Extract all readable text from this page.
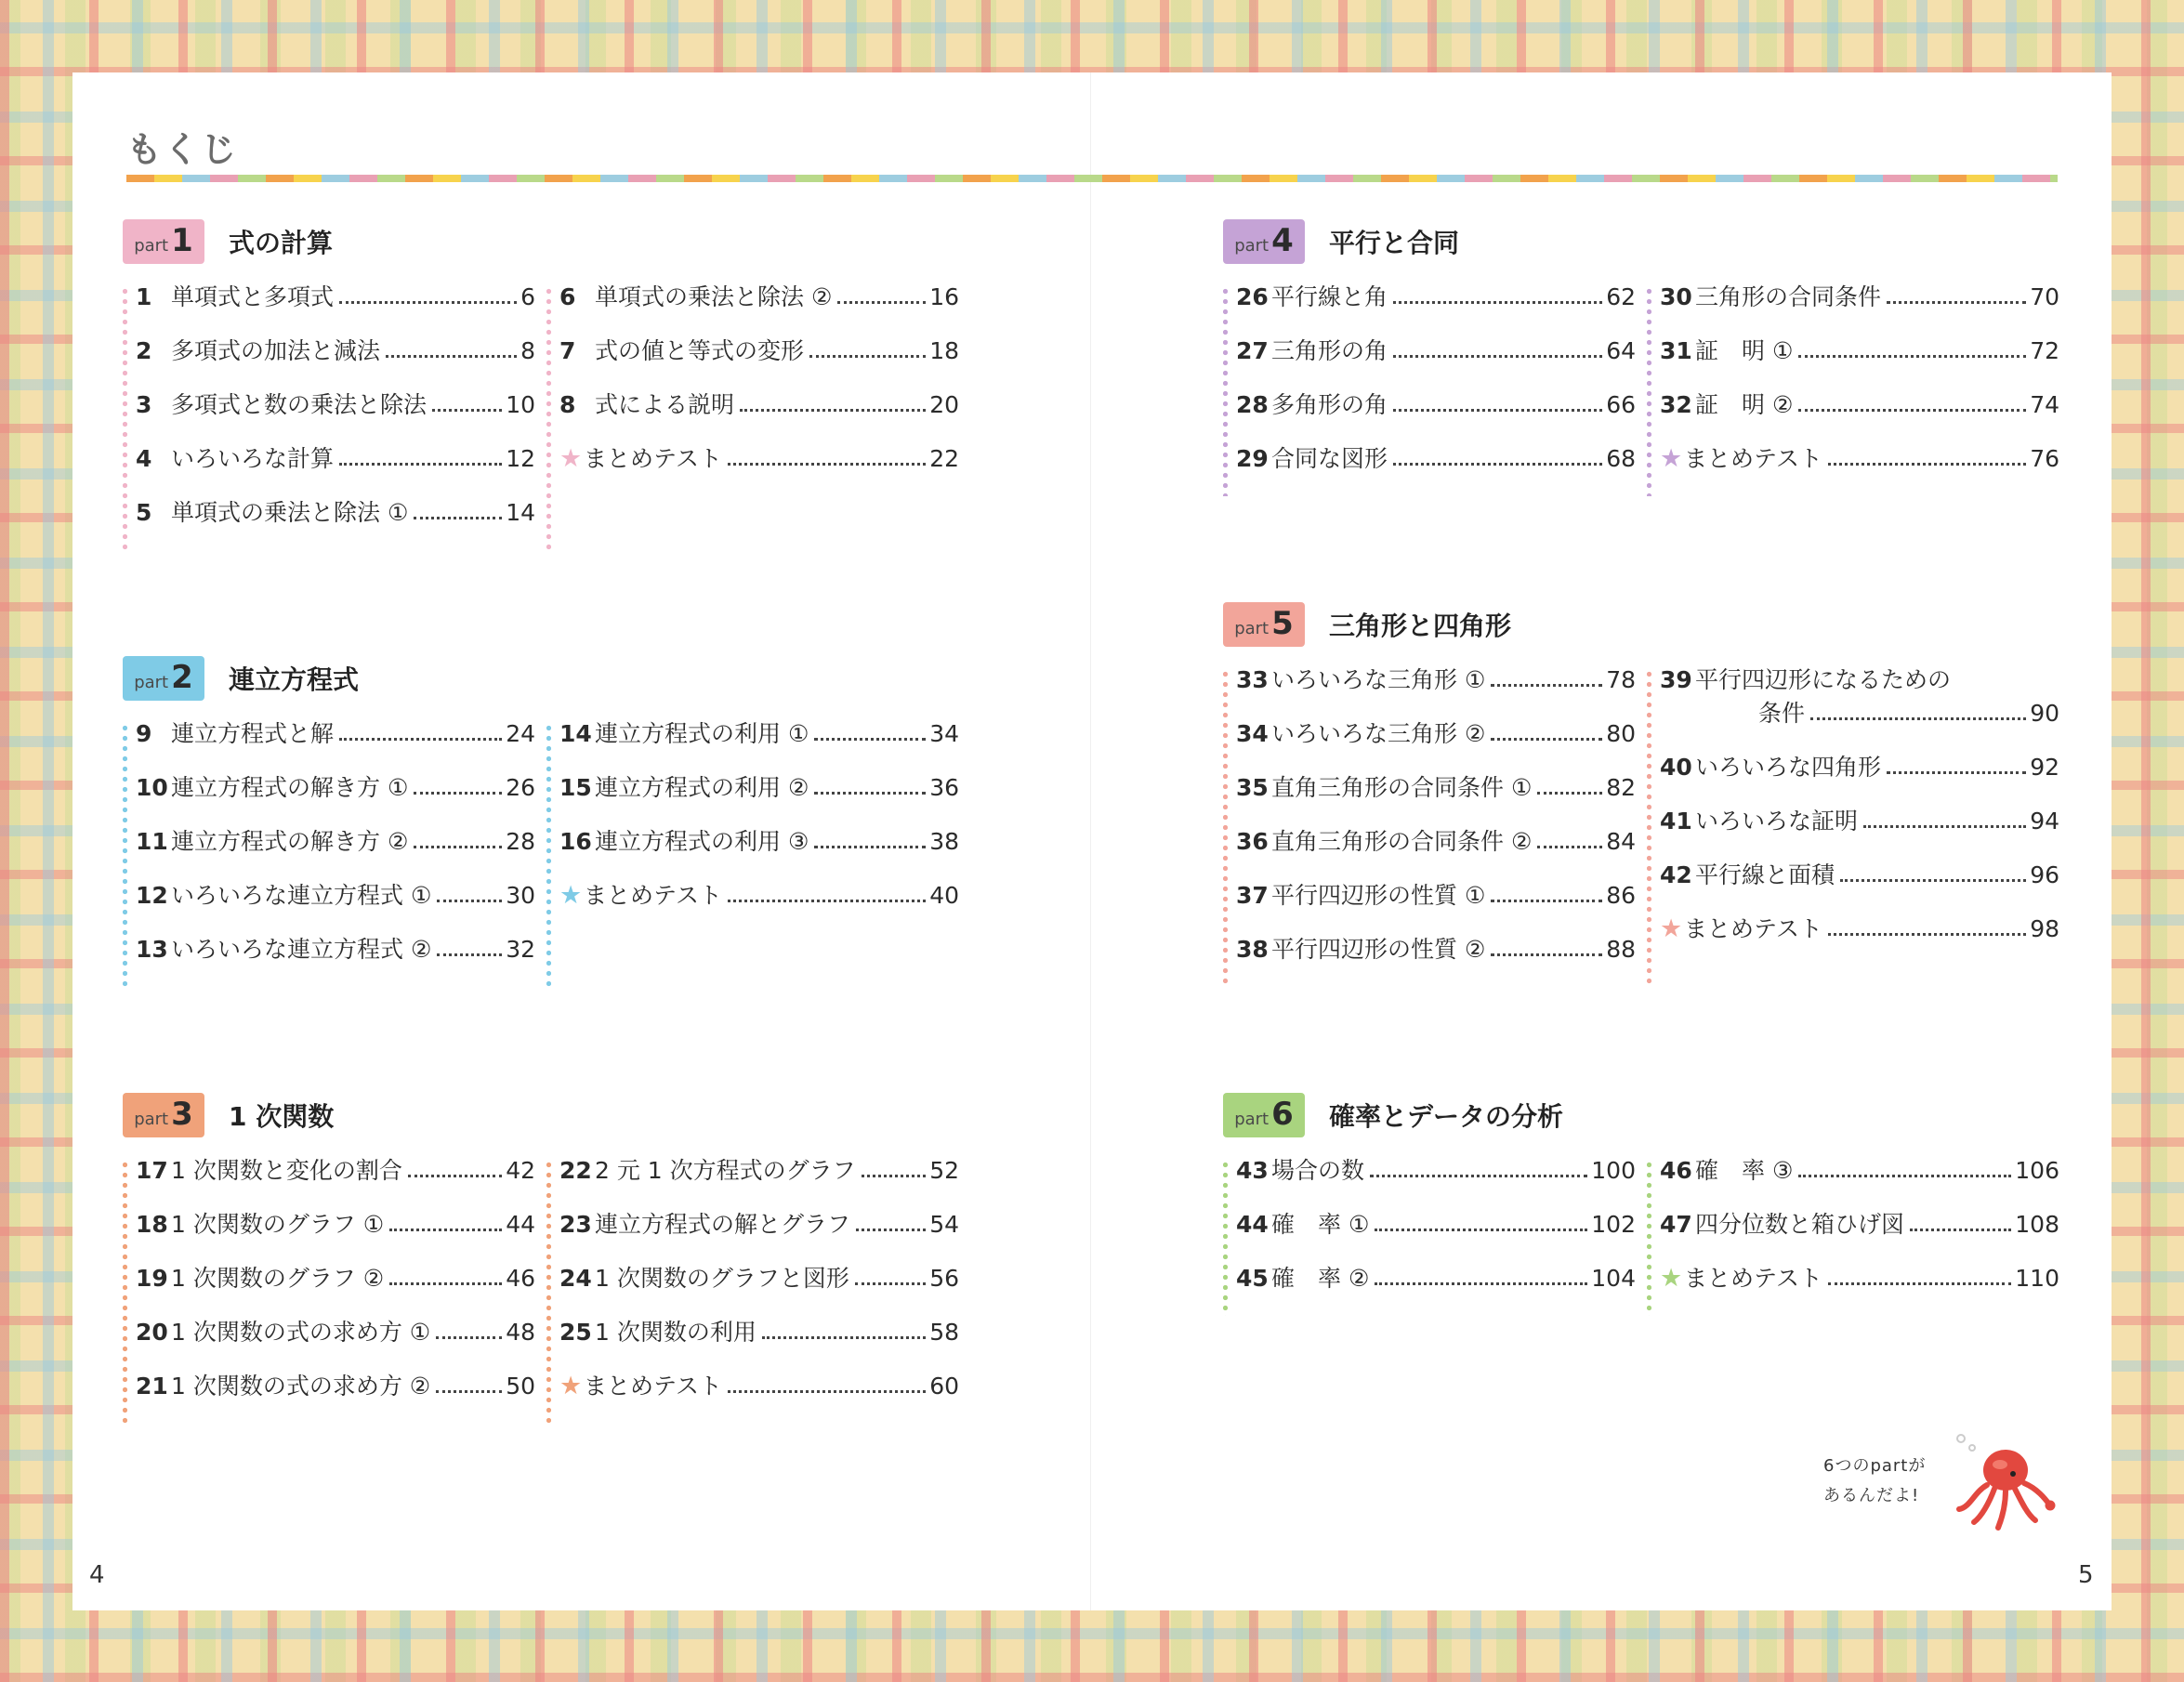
もくじ
part 1 式の計算
1 単項式と多項式	6
2 多項式の加法と減法	8
3 多項式と数の乗法と除法	10
4 いろいろな計算	12
5 単項式の乗法と除法 ①	14
6 単項式の乗法と除法 ②	16
7 式の値と等式の変形	18
8 式による説明	20
★ まとめテスト	22
part 2 連立方程式
9 連立方程式と解	24
10 連立方程式の解き方 ①	26
11 連立方程式の解き方 ②	28
12 いろいろな連立方程式 ①	30
13 いろいろな連立方程式 ②	32
14 連立方程式の利用 ①	34
15 連立方程式の利用 ②	36
16 連立方程式の利用 ③	38
★ まとめテスト	40
part 3 1 次関数
17 1 次関数と変化の割合	42
18 1 次関数のグラフ ①	44
19 1 次関数のグラフ ②	46
20 1 次関数の式の求め方 ①	48
21 1 次関数の式の求め方 ②	50
22 2 元 1 次方程式のグラフ	52
23 連立方程式の解とグラフ	54
24 1 次関数のグラフと図形	56
25 1 次関数の利用	58
★ まとめテスト	60
part 4 平行と合同
26 平行線と角	62
27 三角形の角	64
28 多角形の角	66
29 合同な図形	68
30 三角形の合同条件	70
31 証　明 ①	72
32 証　明 ②	74
★ まとめテスト	76
part 5 三角形と四角形
33 いろいろな三角形 ①	78
34 いろいろな三角形 ②	80
35 直角三角形の合同条件 ①	82
36 直角三角形の合同条件 ②	84
37 平行四辺形の性質 ①	86
38 平行四辺形の性質 ②	88
39 平行四辺形になるための
条件	90
40 いろいろな四角形	92
41 いろいろな証明	94
42 平行線と面積	96
★ まとめテスト	98
part 6 確率とデータの分析
43 場合の数	100
44 確　率 ①	102
45 確　率 ②	104
46 確　率 ③	106
47 四分位数と箱ひげ図	108
★ まとめテスト	110
4	5
6つのpartが
あるんだよ!
